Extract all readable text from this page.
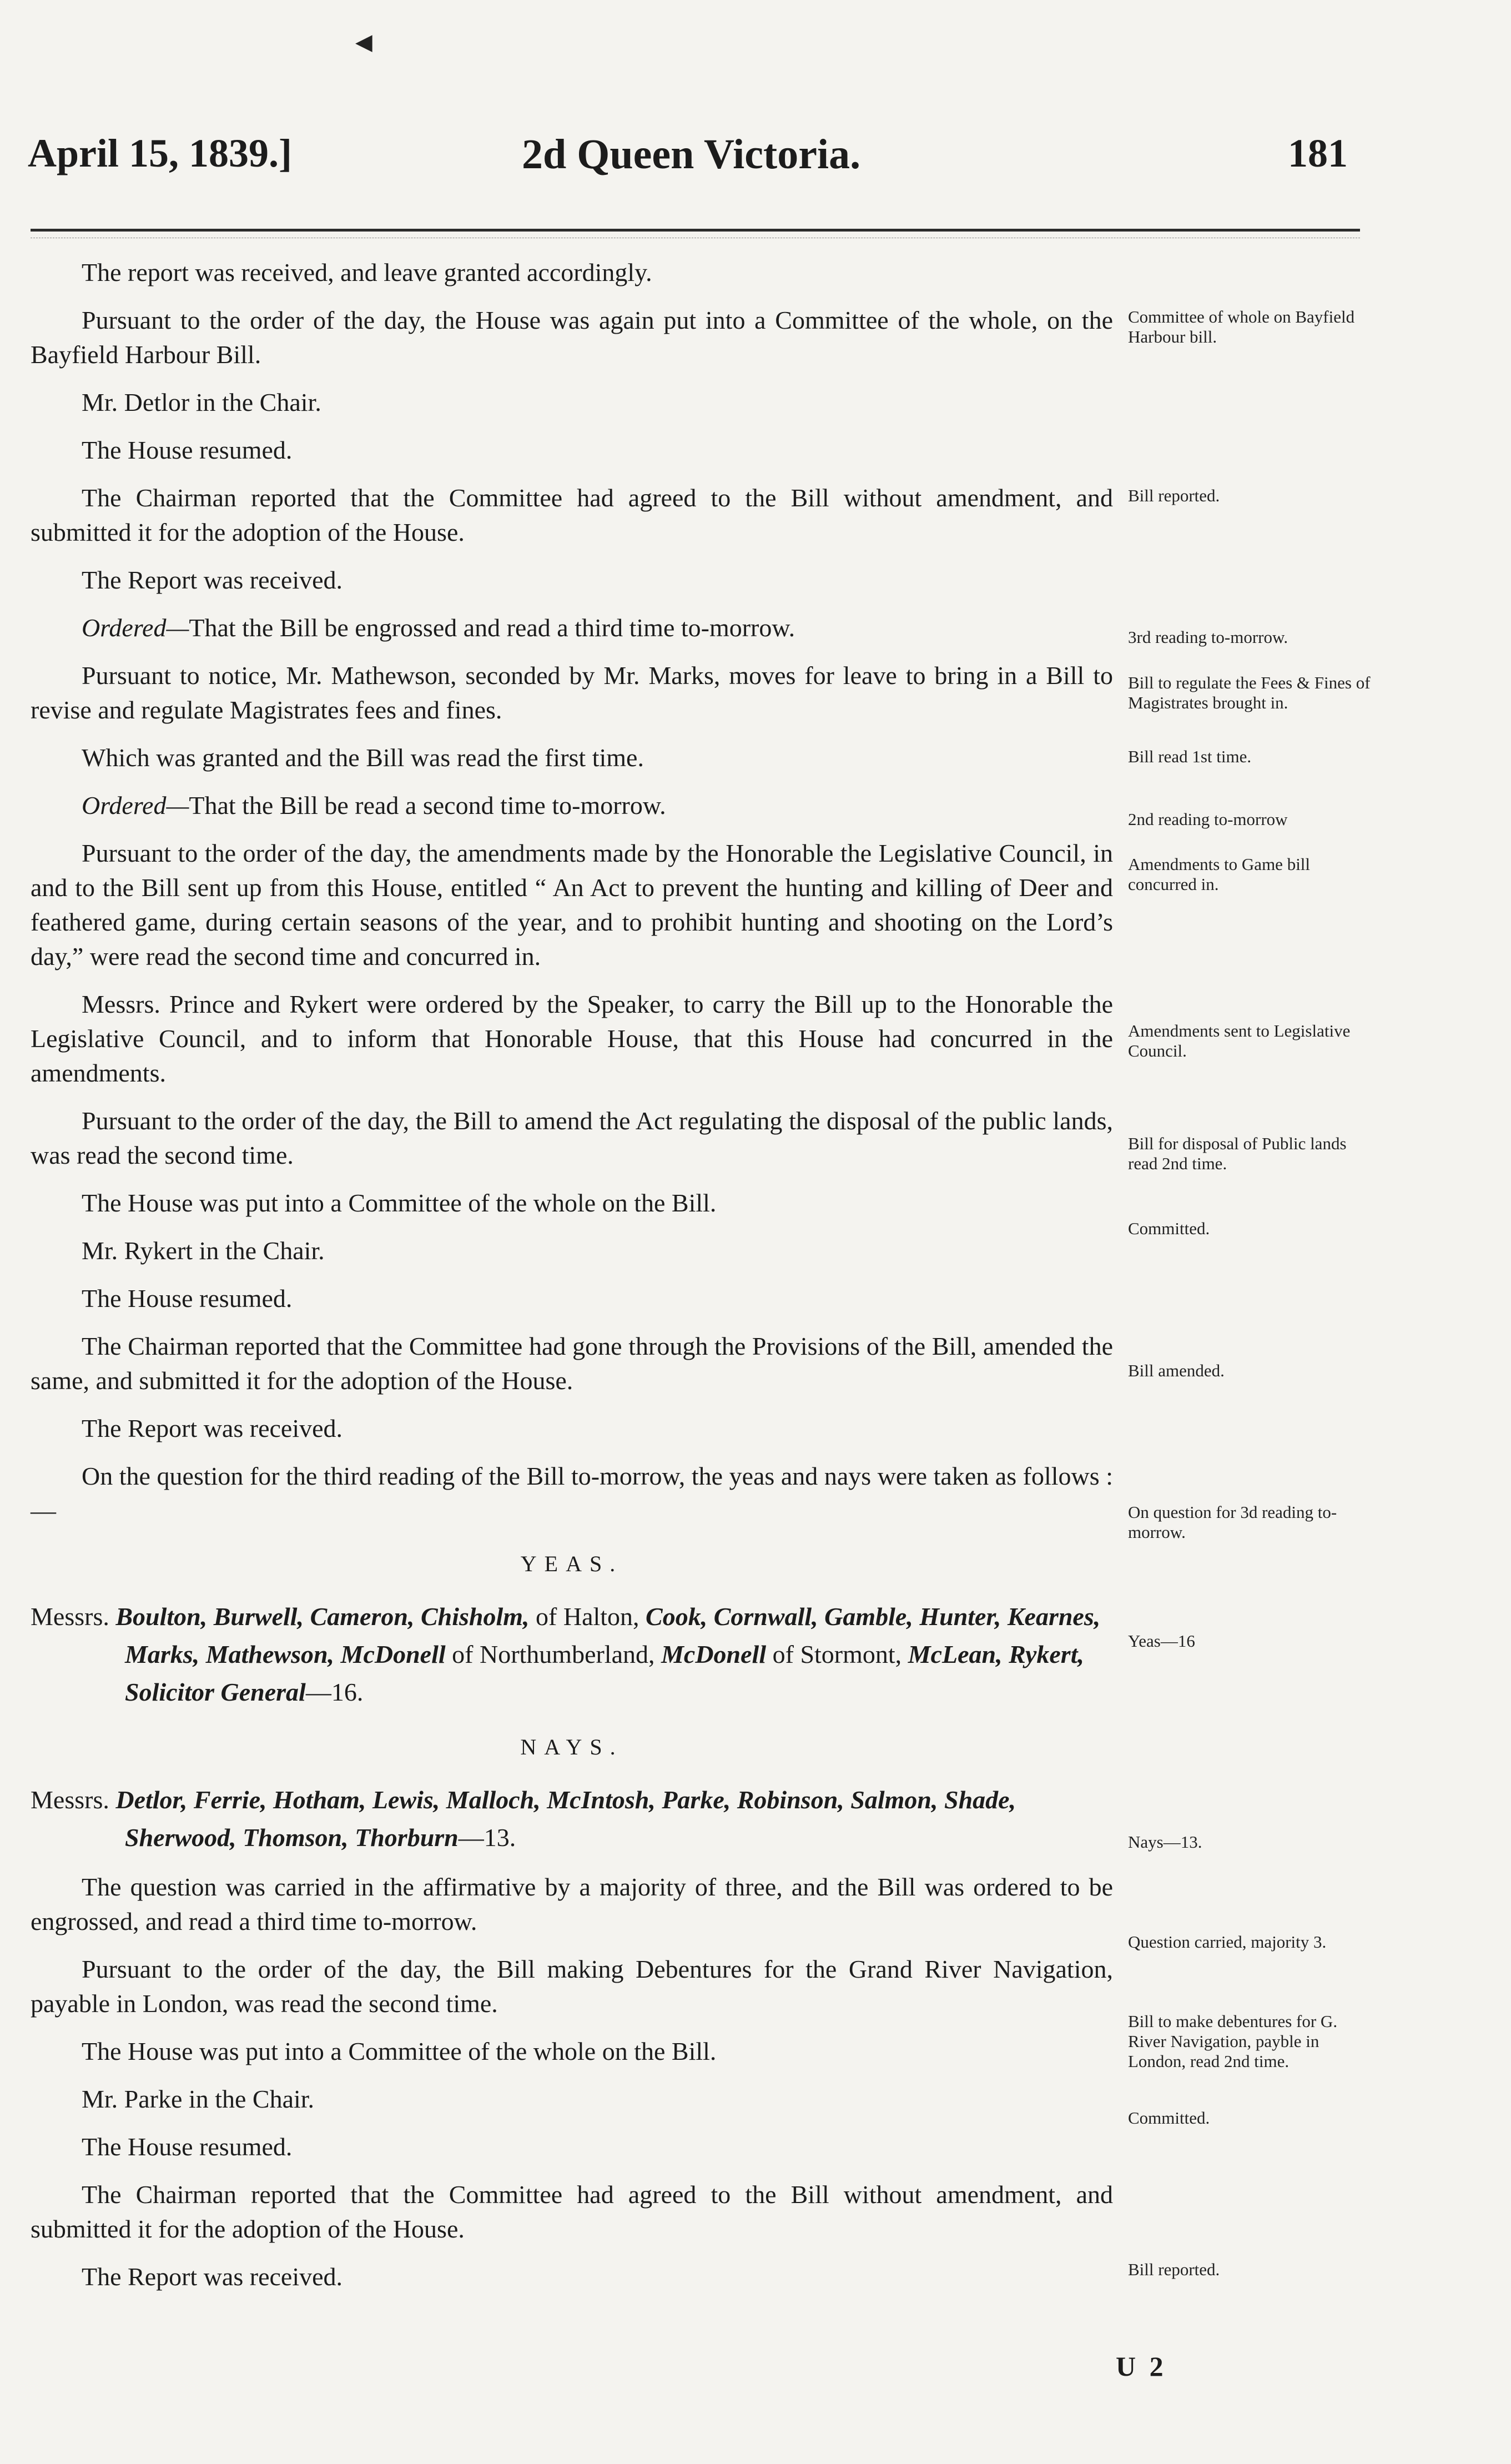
◀
April 15, 1839.]	2d Queen Victoria.	181

The report was received, and leave granted accordingly.

Pursuant to the order of the day, the House was again put into a Committee of the whole, on the Bayfield Harbour Bill.

Mr. Detlor in the Chair.

The House resumed.

The Chairman reported that the Committee had agreed to the Bill without amendment, and submitted it for the adoption of the House.

The Report was received.

Ordered—That the Bill be engrossed and read a third time to-morrow.

Pursuant to notice, Mr. Mathewson, seconded by Mr. Marks, moves for leave to bring in a Bill to revise and regulate Magistrates fees and fines.

Which was granted and the Bill was read the first time.

Ordered—That the Bill be read a second time to-morrow.

Pursuant to the order of the day, the amendments made by the Honorable the Legislative Council, in and to the Bill sent up from this House, entitled “ An Act to prevent the hunting and killing of Deer and feathered game, during certain seasons of the year, and to prohibit hunting and shooting on the Lord’s day,” were read the second time and concurred in.

Messrs. Prince and Rykert were ordered by the Speaker, to carry the Bill up to the Honorable the Legislative Council, and to inform that Honorable House, that this House had concurred in the amendments.

Pursuant to the order of the day, the Bill to amend the Act regulating the disposal of the public lands, was read the second time.

The House was put into a Committee of the whole on the Bill.

Mr. Rykert in the Chair.

The House resumed.

The Chairman reported that the Committee had gone through the Provisions of the Bill, amended the same, and submitted it for the adoption of the House.

The Report was received.

On the question for the third reading of the Bill to-morrow, the yeas and nays were taken as follows :—

YEAS.

Messrs. Boulton, Burwell, Cameron, Chisholm, of Halton, Cook, Cornwall, Gamble, Hunter, Kearnes, Marks, Mathewson, McDonell of Northumberland, McDonell of Stormont, McLean, Rykert, Solicitor General—16.

NAYS.

Messrs. Detlor, Ferrie, Hotham, Lewis, Malloch, McIntosh, Parke, Robinson, Salmon, Shade, Sherwood, Thomson, Thorburn—13.

The question was carried in the affirmative by a majority of three, and the Bill was ordered to be engrossed, and read a third time to-morrow.

Pursuant to the order of the day, the Bill making Debentures for the Grand River Navigation, payable in London, was read the second time.

The House was put into a Committee of the whole on the Bill.

Mr. Parke in the Chair.

The House resumed.

The Chairman reported that the Committee had agreed to the Bill without amendment, and submitted it for the adoption of the House.

The Report was received.

Committee of whole on Bayfield Harbour bill.
Bill reported.
3rd reading to-morrow.
Bill to regulate the Fees & Fines of Magistrates brought in.
Bill read 1st time.
2nd reading to-morrow
Amendments to Game bill concurred in.
Amendments sent to Legislative Council.
Bill for disposal of Public lands read 2nd time.
Committed.
Bill amended.
On question for 3d reading to-morrow.
Yeas—16
Nays—13.
Question carried, majority 3.
Bill to make debentures for G. River Navigation, payble in London, read 2nd time.
Committed.
Bill reported.
U 2
